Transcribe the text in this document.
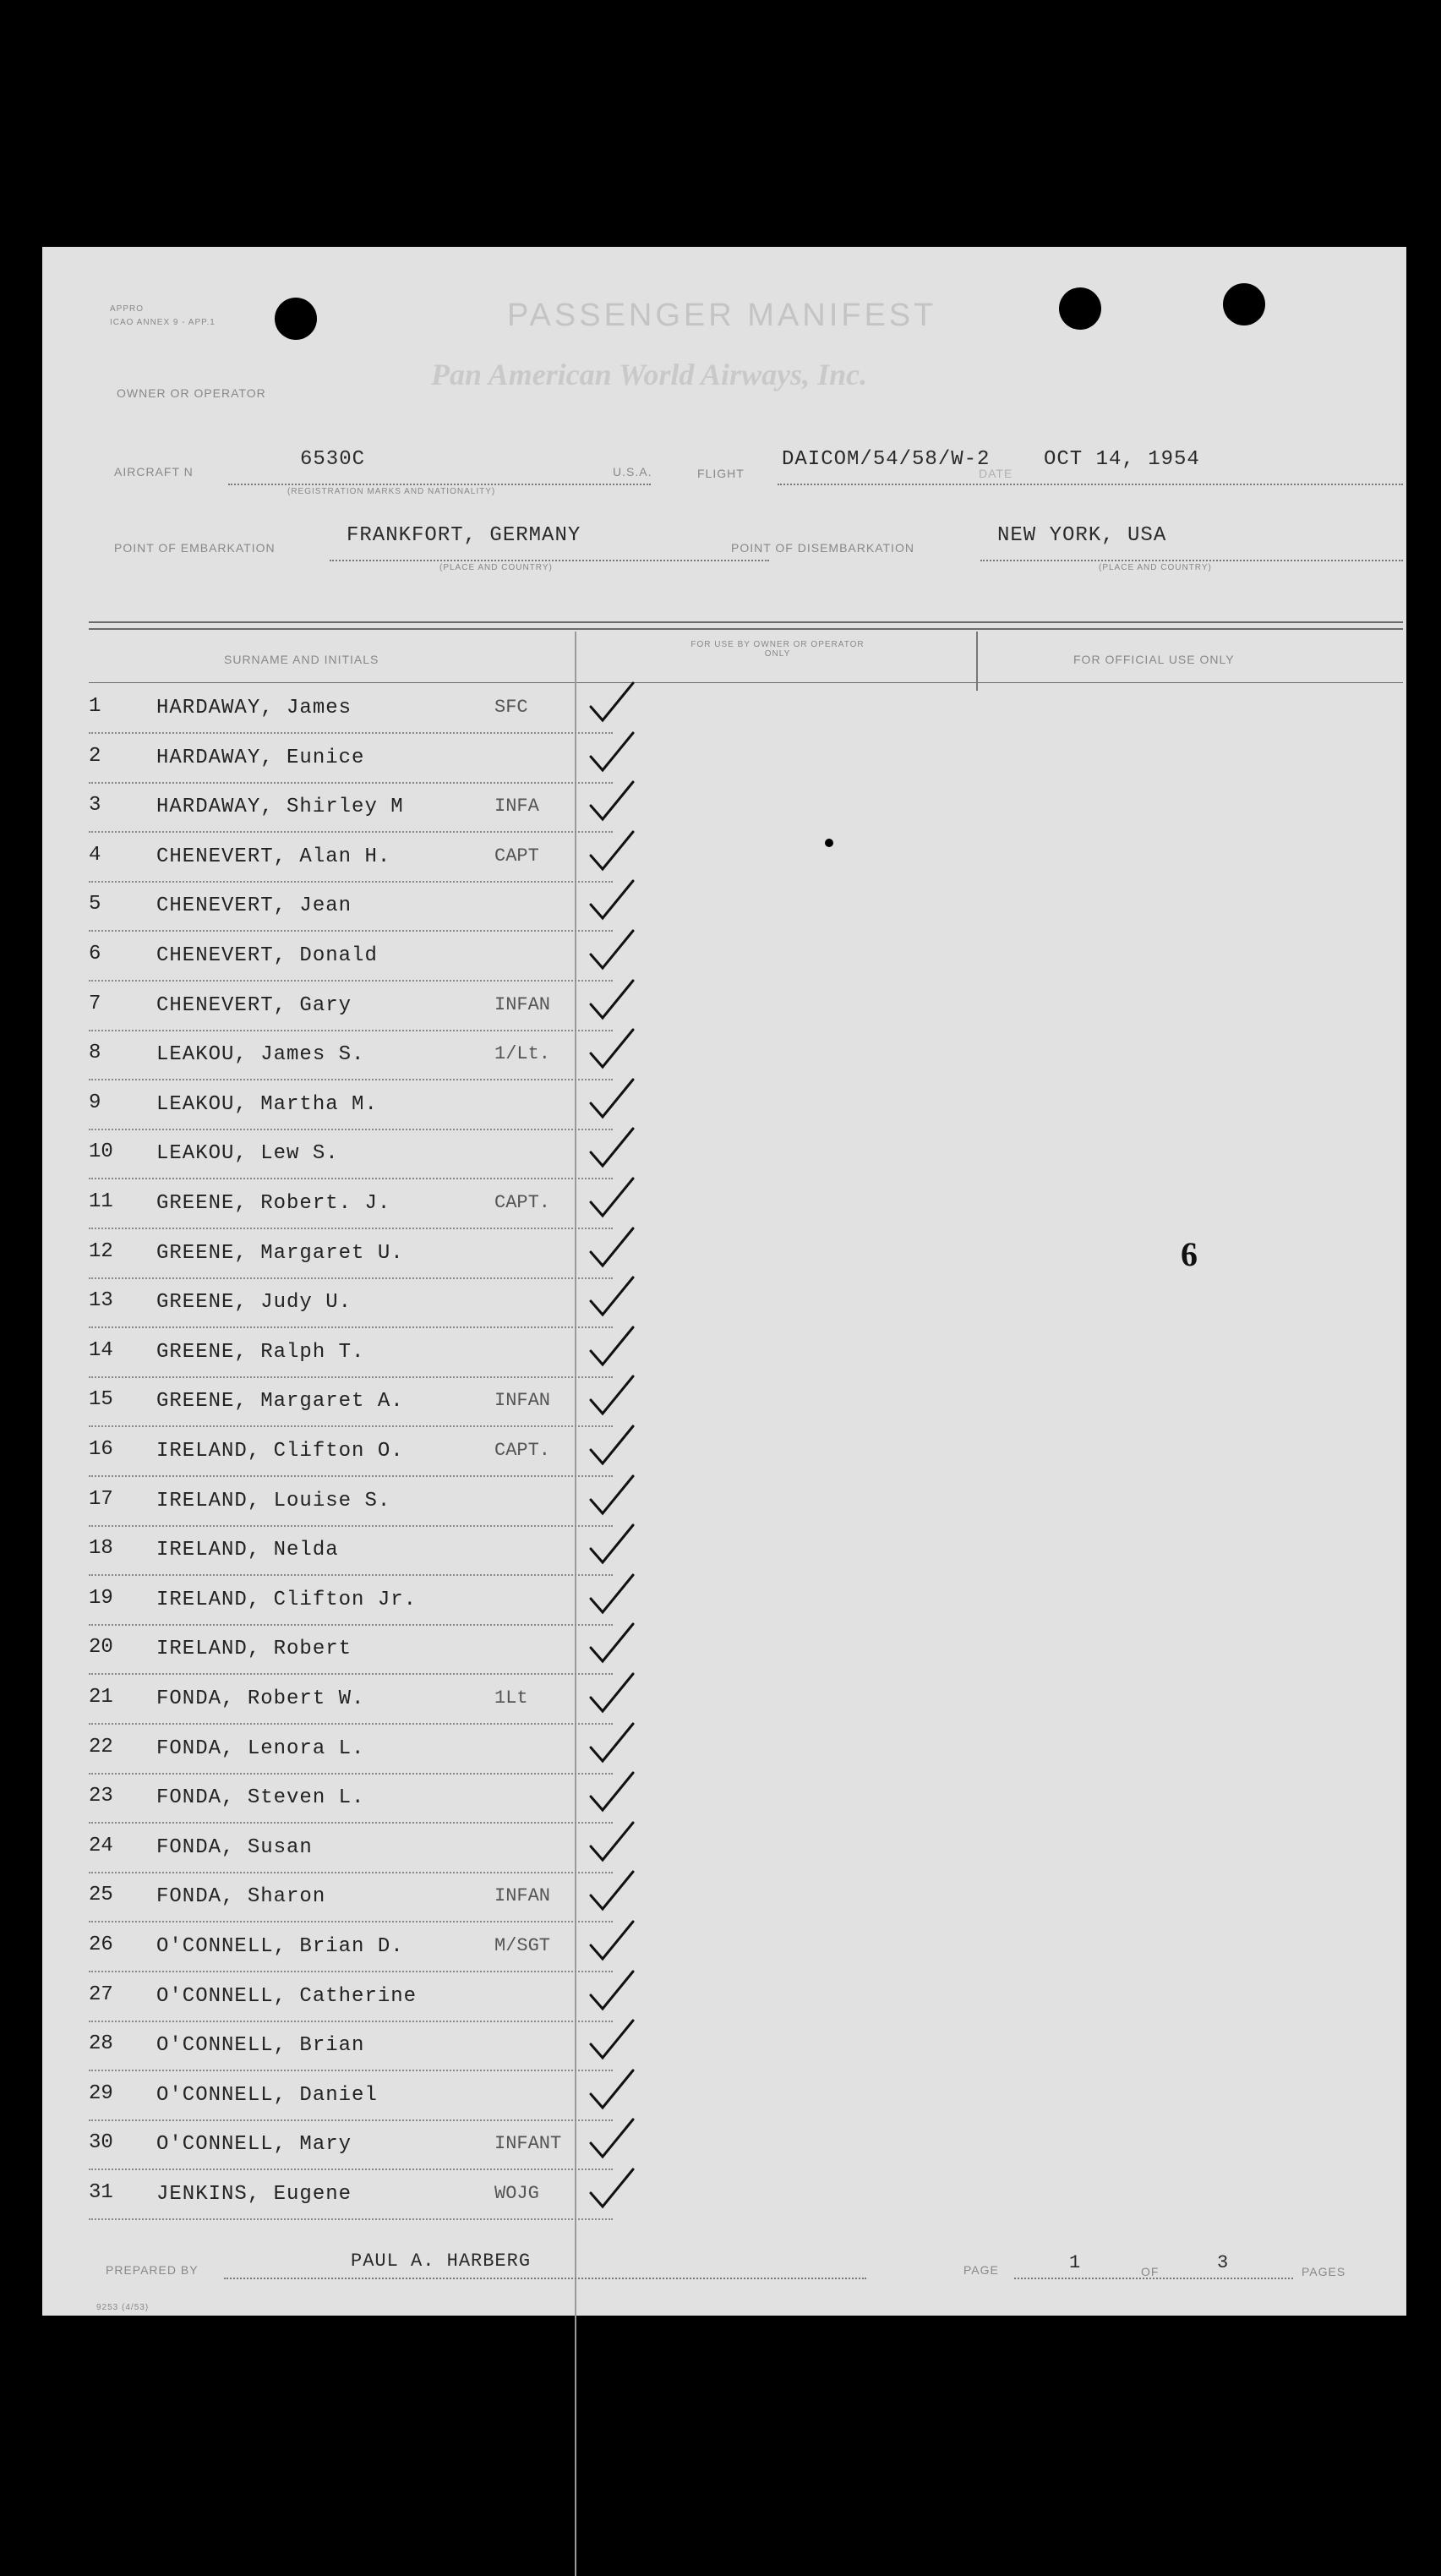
APPRO
ICAO ANNEX 9 - APP.1	PASSENGER MANIFEST
OWNER OR OPERATOR
Pan American World Airways, Inc.
AIRCRAFT N
6530C
(REGISTRATION MARKS AND NATIONALITY)
U.S.A.	FLIGHT
DAICOM/54/58/W-2
DATE
OCT 14, 1954
POINT OF EMBARKATION
FRANKFORT, GERMANY
(PLACE AND COUNTRY)
POINT OF DISEMBARKATION
NEW YORK, USA
(PLACE AND COUNTRY)
SURNAME AND INITIALS
FOR USE BY OWNER OR OPERATOR ONLY	FOR OFFICIAL USE ONLY
1	HARDAWAY, James	SFC
2	HARDAWAY, Eunice
3	HARDAWAY, Shirley M	INFA
4	CHENEVERT, Alan H.	CAPT
5	CHENEVERT, Jean
6	CHENEVERT, Donald
7	CHENEVERT, Gary	INFAN
8	LEAKOU, James S.	1/Lt.
9	LEAKOU, Martha M.
10	LEAKOU, Lew S.
11	GREENE, Robert. J.	CAPT.
12	GREENE, Margaret U.
13	GREENE, Judy U.
14	GREENE, Ralph T.
15	GREENE, Margaret A.	INFAN
16	IRELAND, Clifton O.	CAPT.
17	IRELAND, Louise S.
18	IRELAND, Nelda
19	IRELAND, Clifton Jr.
20	IRELAND, Robert
21	FONDA, Robert W.	1Lt
22	FONDA, Lenora L.
23	FONDA, Steven L.
24	FONDA, Susan
25	FONDA, Sharon	INFAN
26	O'CONNELL, Brian D.	M/SGT
27	O'CONNELL, Catherine
28	O'CONNELL, Brian
29	O'CONNELL, Daniel
30	O'CONNELL, Mary	INFANT
31	JENKINS, Eugene	WOJG
6
PREPARED BY	PAUL A. HARBERG	PAGE	1	OF	3	PAGES
9253 (4/53)
